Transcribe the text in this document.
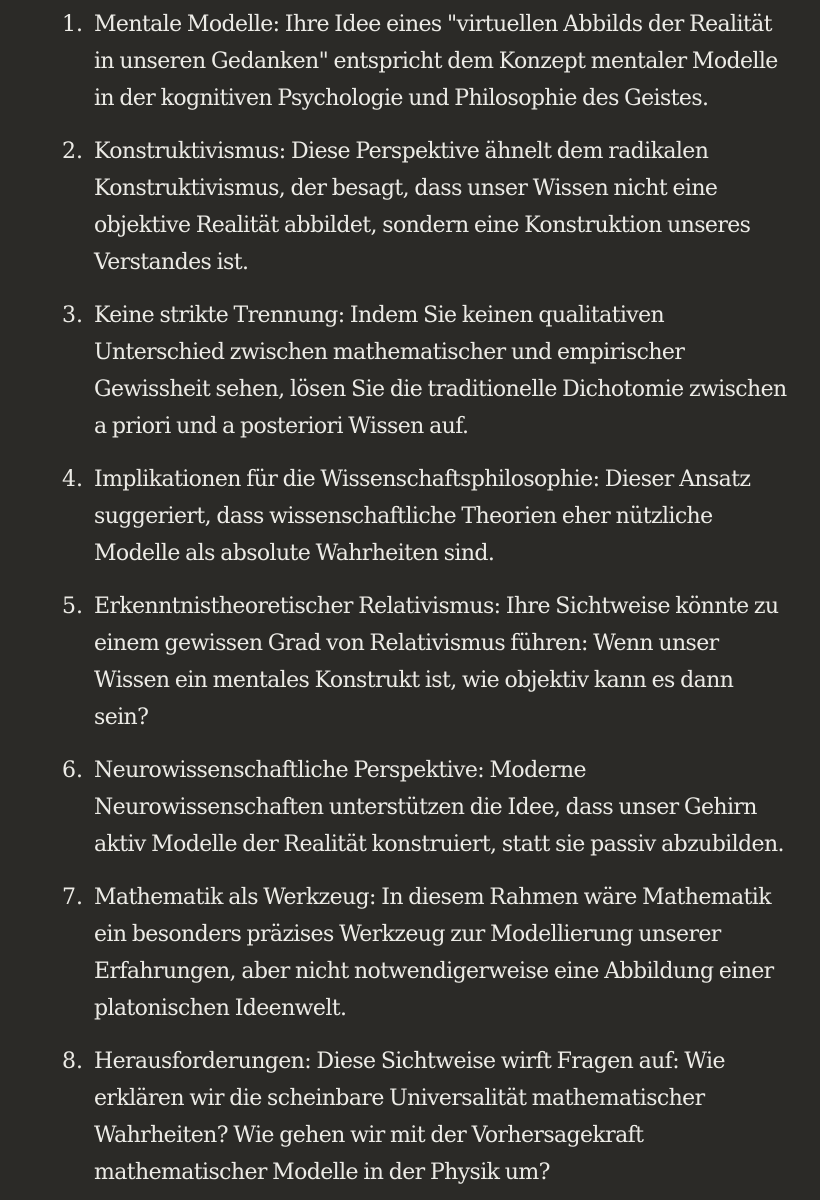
1. Mentale Modelle: Ihre Idee eines "virtuellen Abbilds der Realität in unseren Gedanken" entspricht dem Konzept mentaler Modelle in der kognitiven Psychologie und Philosophie des Geistes.
2. Konstruktivismus: Diese Perspektive ähnelt dem radikalen Konstruktivismus, der besagt, dass unser Wissen nicht eine objektive Realität abbildet, sondern eine Konstruktion unseres Verstandes ist.
3. Keine strikte Trennung: Indem Sie keinen qualitativen Unterschied zwischen mathematischer und empirischer Gewissheit sehen, lösen Sie die traditionelle Dichotomie zwischen a priori und a posteriori Wissen auf.
4. Implikationen für die Wissenschaftsphilosophie: Dieser Ansatz suggeriert, dass wissenschaftliche Theorien eher nützliche Modelle als absolute Wahrheiten sind.
5. Erkenntnistheoretischer Relativismus: Ihre Sichtweise könnte zu einem gewissen Grad von Relativismus führen: Wenn unser Wissen ein mentales Konstrukt ist, wie objektiv kann es dann sein?
6. Neurowissenschaftliche Perspektive: Moderne Neurowissenschaften unterstützen die Idee, dass unser Gehirn aktiv Modelle der Realität konstruiert, statt sie passiv abzubilden.
7. Mathematik als Werkzeug: In diesem Rahmen wäre Mathematik ein besonders präzises Werkzeug zur Modellierung unserer Erfahrungen, aber nicht notwendigerweise eine Abbildung einer platonischen Ideenwelt.
8. Herausforderungen: Diese Sichtweise wirft Fragen auf: Wie erklären wir die scheinbare Universalität mathematischer Wahrheiten? Wie gehen wir mit der Vorhersagekraft mathematischer Modelle in der Physik um?
